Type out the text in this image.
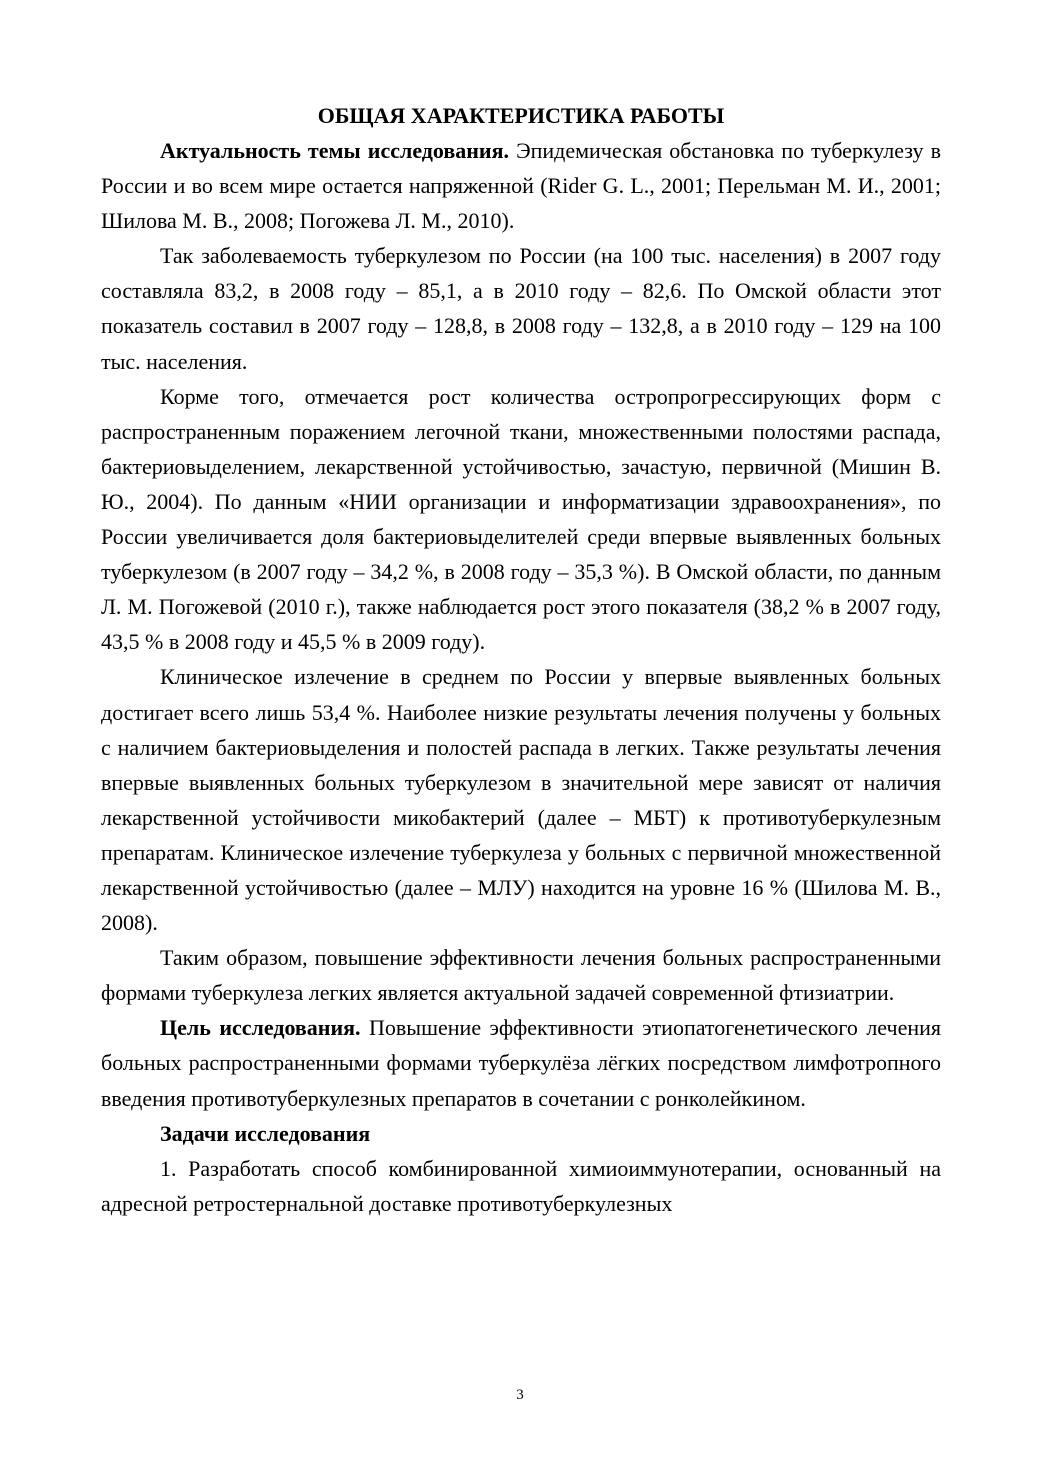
ОБЩАЯ ХАРАКТЕРИСТИКА РАБОТЫ

Актуальность темы исследования. Эпидемическая обстановка по туберкулезу в России и во всем мире остается напряженной (Rider G. L., 2001; Перельман М. И., 2001; Шилова М. В., 2008; Погожева Л. М., 2010).

Так заболеваемость туберкулезом по России (на 100 тыс. населения) в 2007 году составляла 83,2, в 2008 году – 85,1, а в 2010 году – 82,6. По Омской области этот показатель составил в 2007 году – 128,8, в 2008 году – 132,8, а в 2010 году – 129 на 100 тыс. населения.

Корме того, отмечается рост количества остропрогрессирующих форм с распространенным поражением легочной ткани, множественными полостями распада, бактериовыделением, лекарственной устойчивостью, зачастую, первичной (Мишин В. Ю., 2004). По данным «НИИ организации и информатизации здравоохранения», по России увеличивается доля бактериовыделителей среди впервые выявленных больных туберкулезом (в 2007 году – 34,2 %, в 2008 году – 35,3 %). В Омской области, по данным Л. М. Погожевой (2010 г.), также наблюдается рост этого показателя (38,2 % в 2007 году, 43,5 % в 2008 году и 45,5 % в 2009 году).

Клиническое излечение в среднем по России у впервые выявленных больных достигает всего лишь 53,4 %. Наиболее низкие результаты лечения получены у больных с наличием бактериовыделения и полостей распада в легких. Также результаты лечения впервые выявленных больных туберкулезом в значительной мере зависят от наличия лекарственной устойчивости микобактерий (далее – МБТ) к противотуберкулезным препаратам. Клиническое излечение туберкулеза у больных с первичной множественной лекарственной устойчивостью (далее – МЛУ) находится на уровне 16 % (Шилова М. В., 2008).

Таким образом, повышение эффективности лечения больных распространенными формами туберкулеза легких является актуальной задачей современной фтизиатрии.

Цель исследования. Повышение эффективности этиопатогенетического лечения больных распространенными формами туберкулёза лёгких посредством лимфотропного введения противотуберкулезных препаратов в сочетании с ронколейкином.

Задачи исследования

1. Разработать способ комбинированной химиоиммунотерапии, основанный на адресной ретростернальной доставке противотуберкулезных

3
